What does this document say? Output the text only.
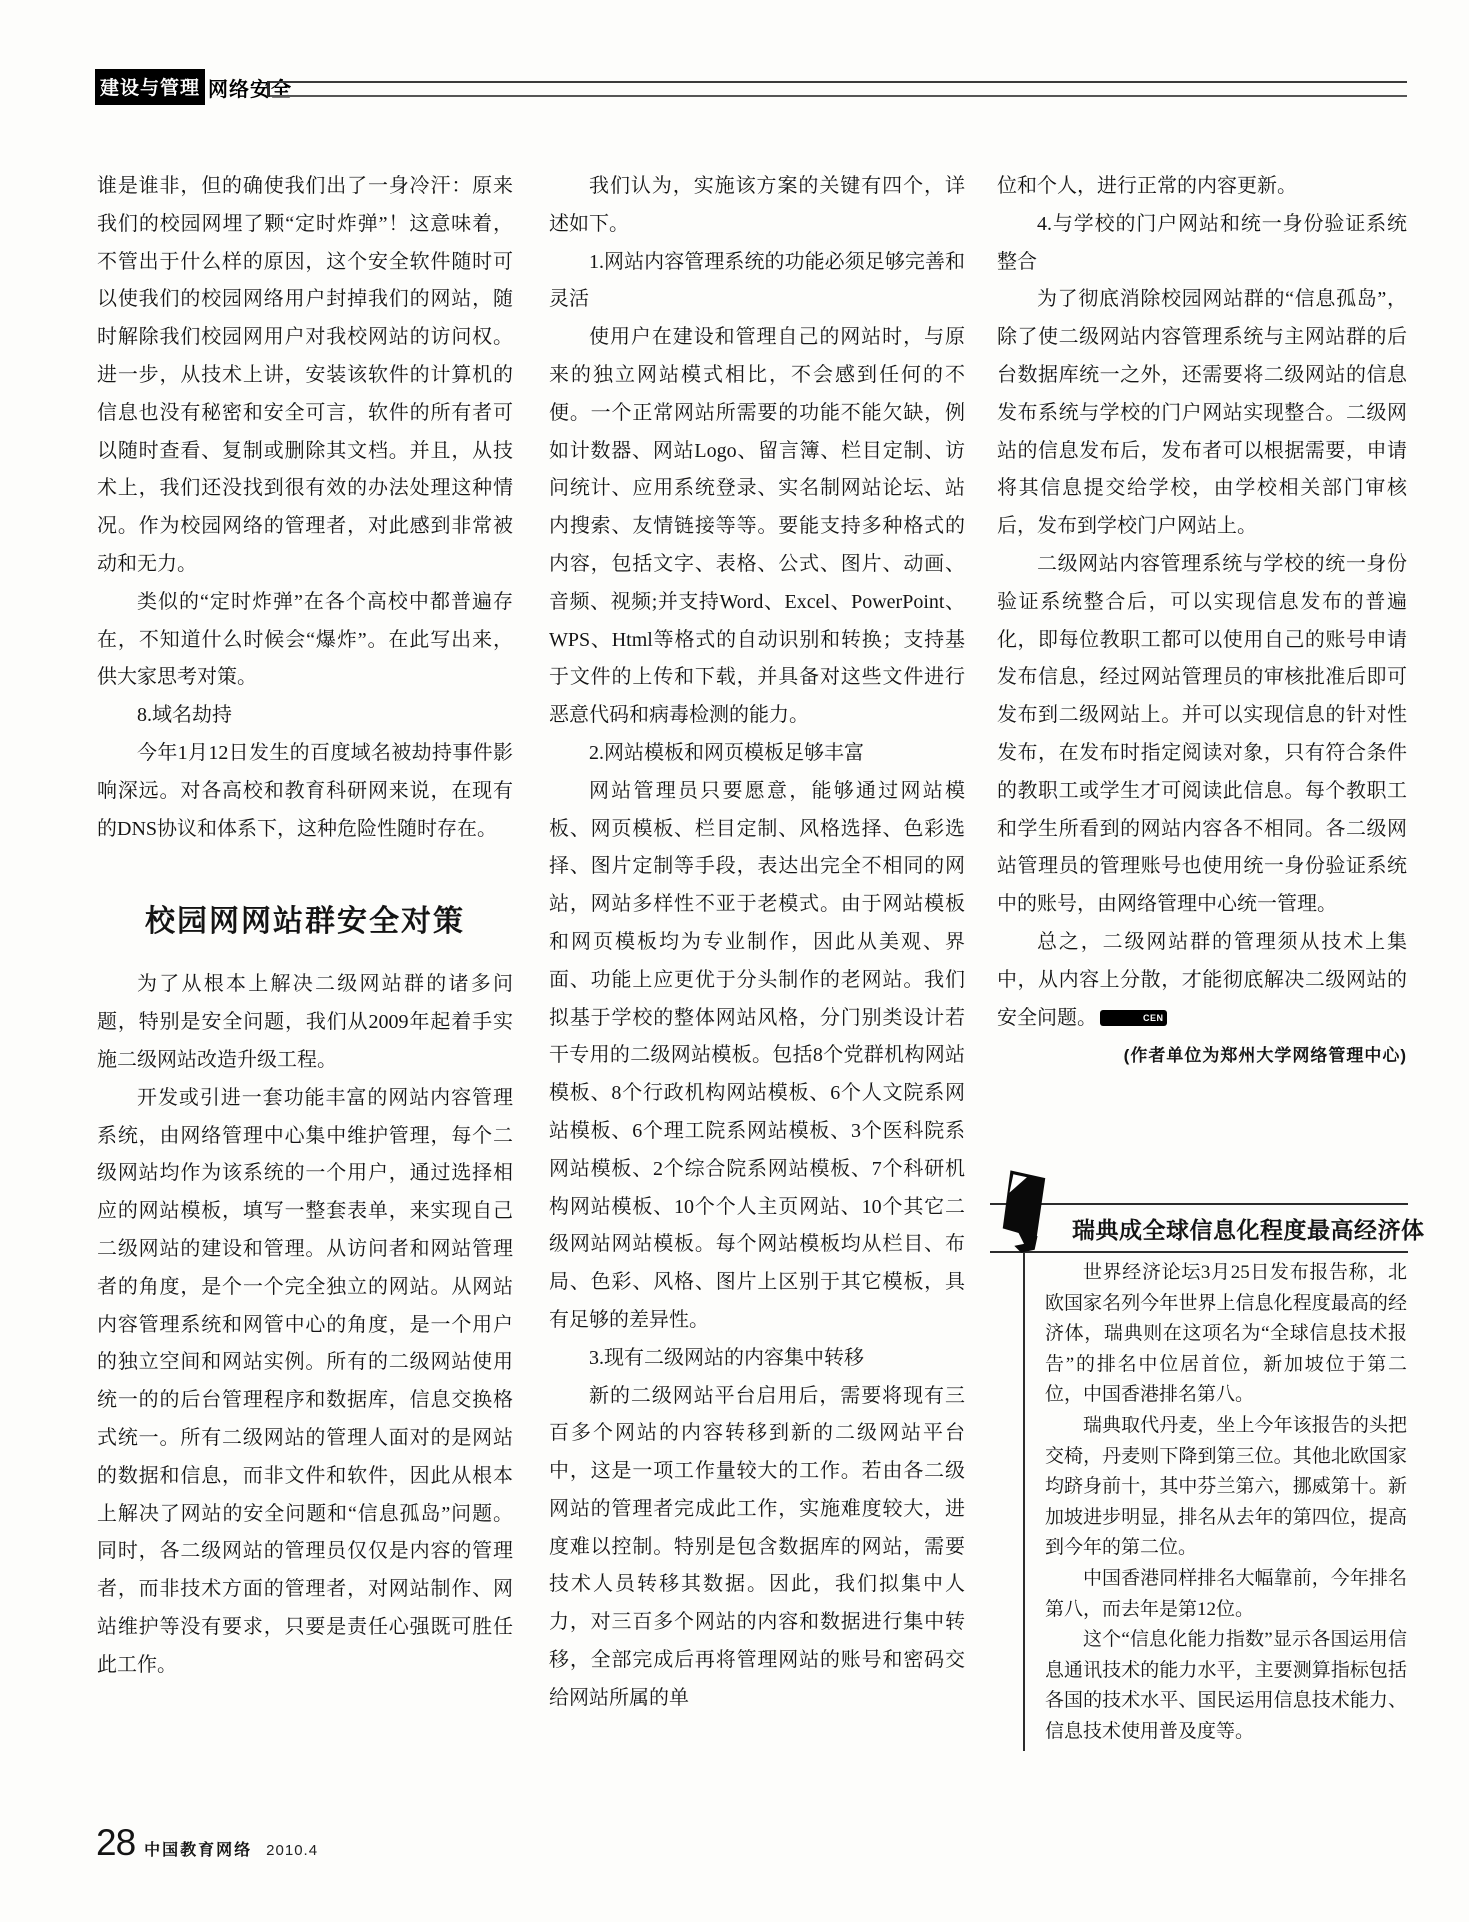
建设与管理 网络安全

谁是谁非，但的确使我们出了一身冷汗：原来我们的校园网埋了颗“定时炸弹”！这意味着，不管出于什么样的原因，这个安全软件随时可以使我们的校园网络用户封掉我们的网站，随时解除我们校园网用户对我校网站的访问权。进一步，从技术上讲，安装该软件的计算机的信息也没有秘密和安全可言，软件的所有者可以随时查看、复制或删除其文档。并且，从技术上，我们还没找到很有效的办法处理这种情况。作为校园网络的管理者，对此感到非常被动和无力。

类似的“定时炸弹”在各个高校中都普遍存在，不知道什么时候会“爆炸”。在此写出来，供大家思考对策。

8.域名劫持

今年1月12日发生的百度域名被劫持事件影响深远。对各高校和教育科研网来说，在现有的DNS协议和体系下，这种危险性随时存在。

校园网网站群安全对策

为了从根本上解决二级网站群的诸多问题，特别是安全问题，我们从2009年起着手实施二级网站改造升级工程。

开发或引进一套功能丰富的网站内容管理系统，由网络管理中心集中维护管理，每个二级网站均作为该系统的一个用户，通过选择相应的网站模板，填写一整套表单，来实现自己二级网站的建设和管理。从访问者和网站管理者的角度，是个一个完全独立的网站。从网站内容管理系统和网管中心的角度，是一个用户的独立空间和网站实例。所有的二级网站使用统一的的后台管理程序和数据库，信息交换格式统一。所有二级网站的管理人面对的是网站的数据和信息，而非文件和软件，因此从根本上解决了网站的安全问题和“信息孤岛”问题。同时，各二级网站的管理员仅仅是内容的管理者，而非技术方面的管理者，对网站制作、网站维护等没有要求，只要是责任心强既可胜任此工作。

我们认为，实施该方案的关键有四个，详述如下。

1.网站内容管理系统的功能必须足够完善和灵活

使用户在建设和管理自己的网站时，与原来的独立网站模式相比，不会感到任何的不便。一个正常网站所需要的功能不能欠缺，例如计数器、网站Logo、留言簿、栏目定制、访问统计、应用系统登录、实名制网站论坛、站内搜索、友情链接等等。要能支持多种格式的内容，包括文字、表格、公式、图片、动画、音频、视频;并支持Word、Excel、PowerPoint、WPS、Html等格式的自动识别和转换；支持基于文件的上传和下载，并具备对这些文件进行恶意代码和病毒检测的能力。

2.网站模板和网页模板足够丰富

网站管理员只要愿意，能够通过网站模板、网页模板、栏目定制、风格选择、色彩选择、图片定制等手段，表达出完全不相同的网站，网站多样性不亚于老模式。由于网站模板和网页模板均为专业制作，因此从美观、界面、功能上应更优于分头制作的老网站。我们拟基于学校的整体网站风格，分门别类设计若干专用的二级网站模板。包括8个党群机构网站模板、8个行政机构网站模板、6个人文院系网站模板、6个理工院系网站模板、3个医科院系网站模板、2个综合院系网站模板、7个科研机构网站模板、10个个人主页网站、10个其它二级网站网站模板。每个网站模板均从栏目、布局、色彩、风格、图片上区别于其它模板，具有足够的差异性。

3.现有二级网站的内容集中转移

新的二级网站平台启用后，需要将现有三百多个网站的内容转移到新的二级网站平台中，这是一项工作量较大的工作。若由各二级网站的管理者完成此工作，实施难度较大，进度难以控制。特别是包含数据库的网站，需要技术人员转移其数据。因此，我们拟集中人力，对三百多个网站的内容和数据进行集中转移，全部完成后再将管理网站的账号和密码交给网站所属的单

位和个人，进行正常的内容更新。

4.与学校的门户网站和统一身份验证系统整合

为了彻底消除校园网站群的“信息孤岛”，除了使二级网站内容管理系统与主网站群的后台数据库统一之外，还需要将二级网站的信息发布系统与学校的门户网站实现整合。二级网站的信息发布后，发布者可以根据需要，申请将其信息提交给学校，由学校相关部门审核后，发布到学校门户网站上。

二级网站内容管理系统与学校的统一身份验证系统整合后，可以实现信息发布的普遍化，即每位教职工都可以使用自己的账号申请发布信息，经过网站管理员的审核批准后即可发布到二级网站上。并可以实现信息的针对性发布，在发布时指定阅读对象，只有符合条件的教职工或学生才可阅读此信息。每个教职工和学生所看到的网站内容各不相同。各二级网站管理员的管理账号也使用统一身份验证系统中的账号，由网络管理中心统一管理。

总之，二级网站群的管理须从技术上集中，从内容上分散，才能彻底解决二级网站的安全问题。	CEN

(作者单位为郑州大学网络管理中心)

瑞典成全球信息化程度最高经济体

世界经济论坛3月25日发布报告称，北欧国家名列今年世界上信息化程度最高的经济体，瑞典则在这项名为“全球信息技术报告”的排名中位居首位，新加坡位于第二位，中国香港排名第八。

瑞典取代丹麦，坐上今年该报告的头把交椅，丹麦则下降到第三位。其他北欧国家均跻身前十，其中芬兰第六，挪威第十。新加坡进步明显，排名从去年的第四位，提高到今年的第二位。

中国香港同样排名大幅靠前，今年排名第八，而去年是第12位。

这个“信息化能力指数”显示各国运用信息通讯技术的能力水平，主要测算指标包括各国的技术水平、国民运用信息技术能力、信息技术使用普及度等。

28 中国教育网络 2010.4
